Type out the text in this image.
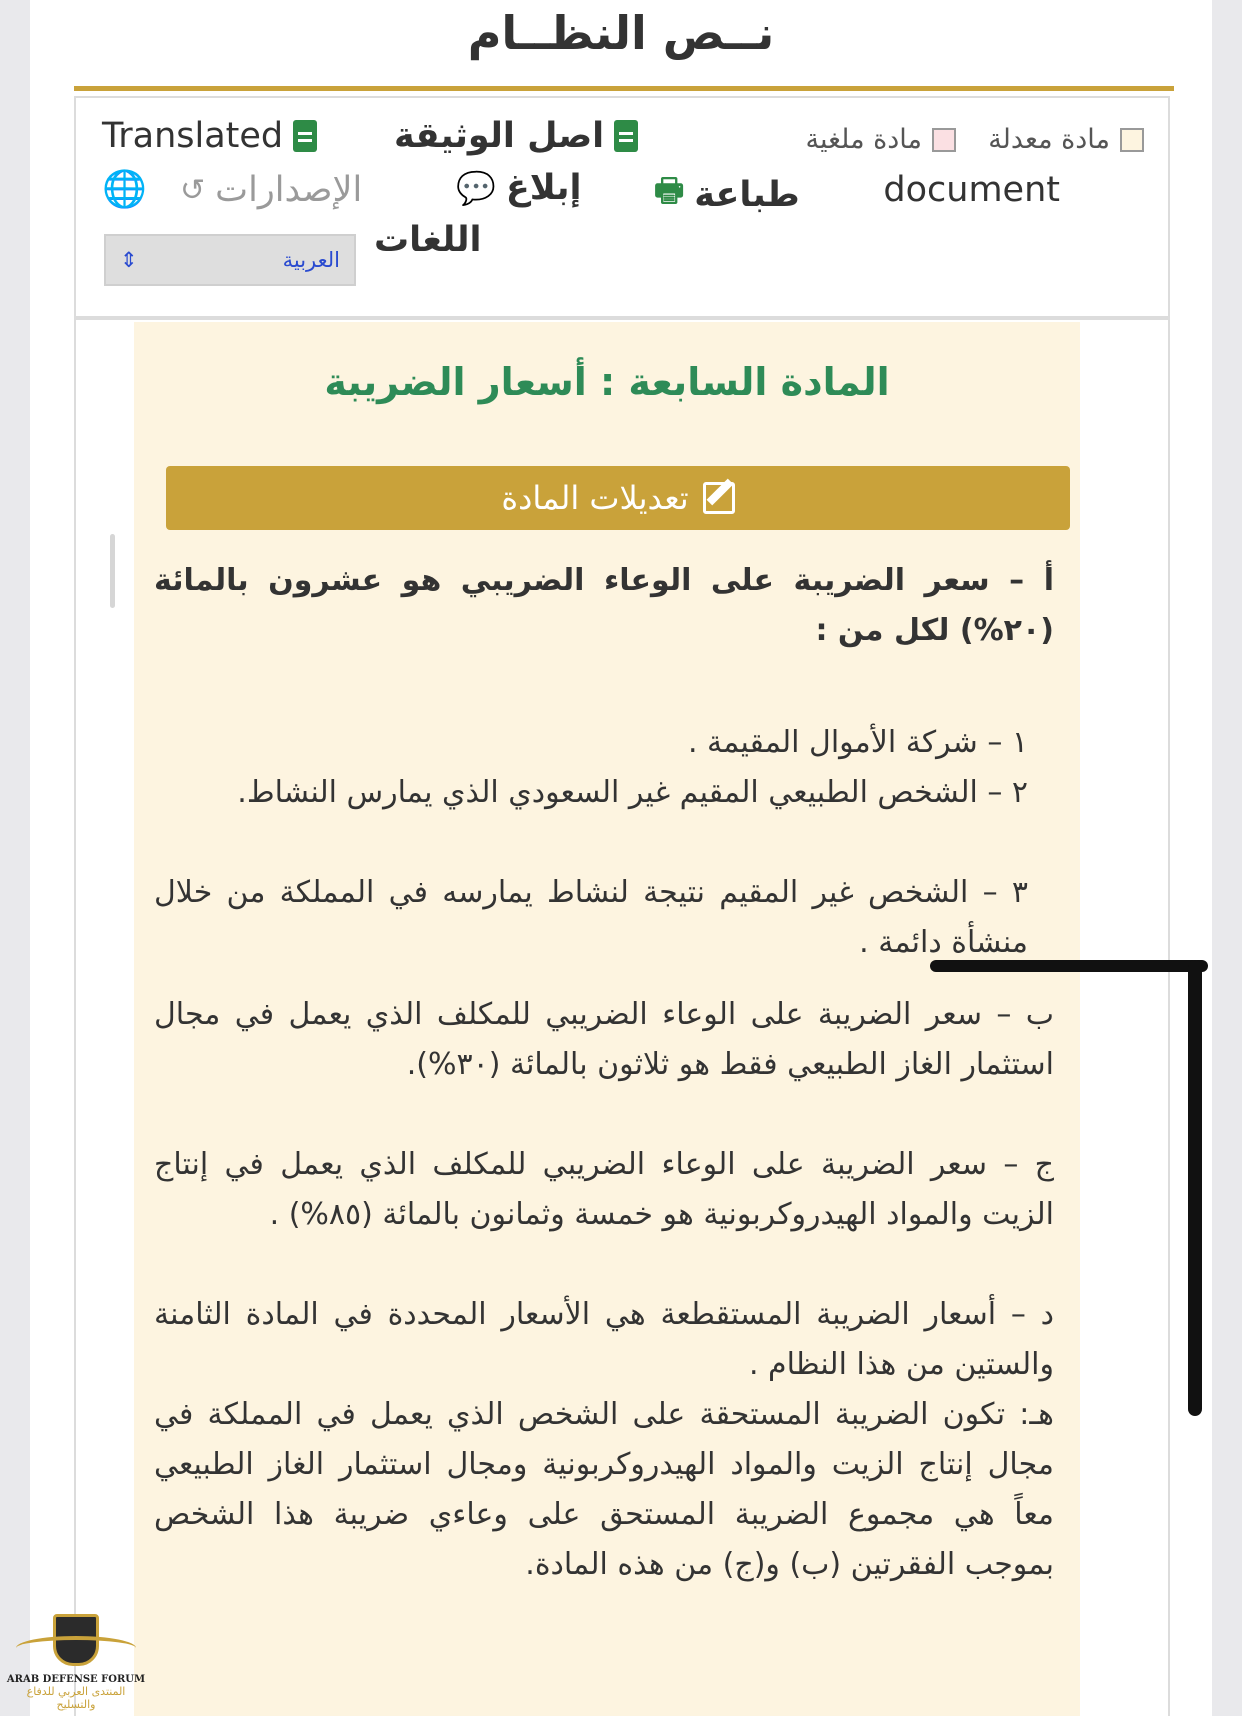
نــص النظــام
مادة معدلة
مادة ملغية
اصل الوثيقة
Translated
document
🖶 طباعة
💬 إبلاغ
↺ الإصدارات
🌐
اللغات
⇕	العربية
المادة السابعة : أسعار الضريبة
تعديلات المادة
أ – سعر الضريبة على الوعاء الضريبي هو عشرون بالمائة (٢٠%) لكل من :
١ – شركة الأموال المقيمة .
٢ – الشخص الطبيعي المقيم غير السعودي الذي يمارس النشاط.
٣ – الشخص غير المقيم نتيجة لنشاط يمارسه في المملكة من خلال منشأة دائمة .
ب – سعر الضريبة على الوعاء الضريبي للمكلف الذي يعمل في مجال استثمار الغاز الطبيعي فقط هو ثلاثون بالمائة (٣٠%).
ج – سعر الضريبة على الوعاء الضريبي للمكلف الذي يعمل في إنتاج الزيت والمواد الهيدروكربونية هو خمسة وثمانون بالمائة (٨٥%) .
د – أسعار الضريبة المستقطعة هي الأسعار المحددة في المادة الثامنة والستين من هذا النظام .
هـ: تكون الضريبة المستحقة على الشخص الذي يعمل في المملكة في مجال إنتاج الزيت والمواد الهيدروكربونية ومجال استثمار الغاز الطبيعي معاً هي مجموع الضريبة المستحق على وعاءي ضريبة هذا الشخص بموجب الفقرتين (ب) و(ج) من هذه المادة.
ARAB DEFENSE FORUM
المنتدى العربي للدفاع والتسليح
